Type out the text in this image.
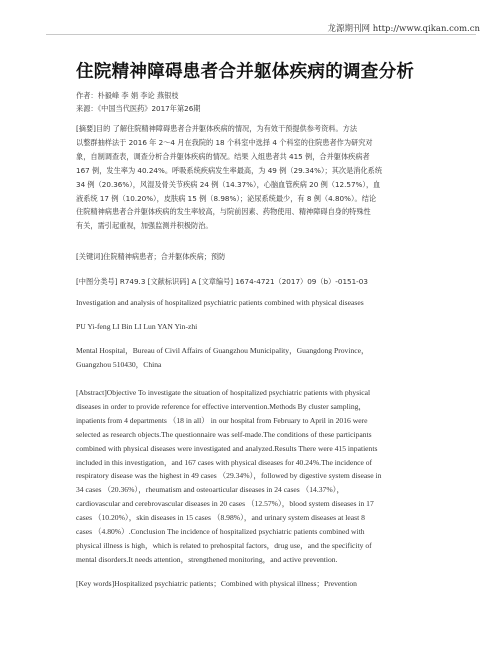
龙源期刊网 http://www.qikan.com.cn
住院精神障碍患者合并躯体疾病的调查分析
作者：朴毅峰 李 娟 李论 燕银枝
来源：《中国当代医药》2017年第26期
[摘要]目的 了解住院精神障碍患者合并躯体疾病的情况，为有效干预提供参考资料。方法
以整群抽样法于 2016 年 2～4 月在我院的 18 个科室中选择 4 个科室的住院患者作为研究对
象，自制调查表，调查分析合并躯体疾病的情况。结果 入组患者共 415 例，合并躯体疾病者
167 例，发生率为 40.24%。呼吸系统疾病发生率最高，为 49 例（29.34%）；其次是消化系统
34 例（20.36%），风湿及骨关节疾病 24 例（14.37%），心脑血管疾病 20 例（12.57%），血
液系统 17 例（10.20%），皮肤病 15 例（8.98%）；泌尿系统最少，有 8 例（4.80%）。结论
住院精神病患者合并躯体疾病的发生率较高，与院前因素、药物使用、精神障碍自身的特殊性
有关，需引起重视，加强监测并积极防治。
[关键词]住院精神病患者；合并躯体疾病；预防
[中图分类号] R749.3 [文献标识码] A [文章编号] 1674-4721（2017）09（b）-0151-03
Investigation and analysis of hospitalized psychiatric patients combined with physical diseases
PU Yi-feng LI Bin LI Lun YAN Yin-zhi
Mental Hospital，Bureau of Civil Affairs of Guangzhou Municipality，Guangdong Province，
Guangzhou 510430，China
[Abstract]Objective To investigate the situation of hospitalized psychiatric patients with physical
diseases in order to provide reference for effective intervention.Methods By cluster sampling，
inpatients from 4 departments （18 in all） in our hospital from February to April in 2016 were
selected as research objects.The questionnaire was self-made.The conditions of these participants
combined with physical diseases were investigated and analyzed.Results There were 415 inpatients
included in this investigation，and 167 cases with physical diseases for 40.24%.The incidence of
respiratory disease was the highest in 49 cases （29.34%），followed by digestive system disease in
34 cases （20.36%），rheumatism and osteoarticular diseases in 24 cases （14.37%），
cardiovascular and cerebrovascular diseases in 20 cases （12.57%），blood system diseases in 17
cases （10.20%），skin diseases in 15 cases （8.98%），and urinary system diseases at least 8
cases （4.80%）.Conclusion The incidence of hospitalized psychiatric patients combined with
physical illness is high，which is related to prehospital factors，drug use，and the specificity of
mental disorders.It needs attention，strengthened monitoring，and active prevention.
[Key words]Hospitalized psychiatric patients；Combined with physical illness；Prevention
